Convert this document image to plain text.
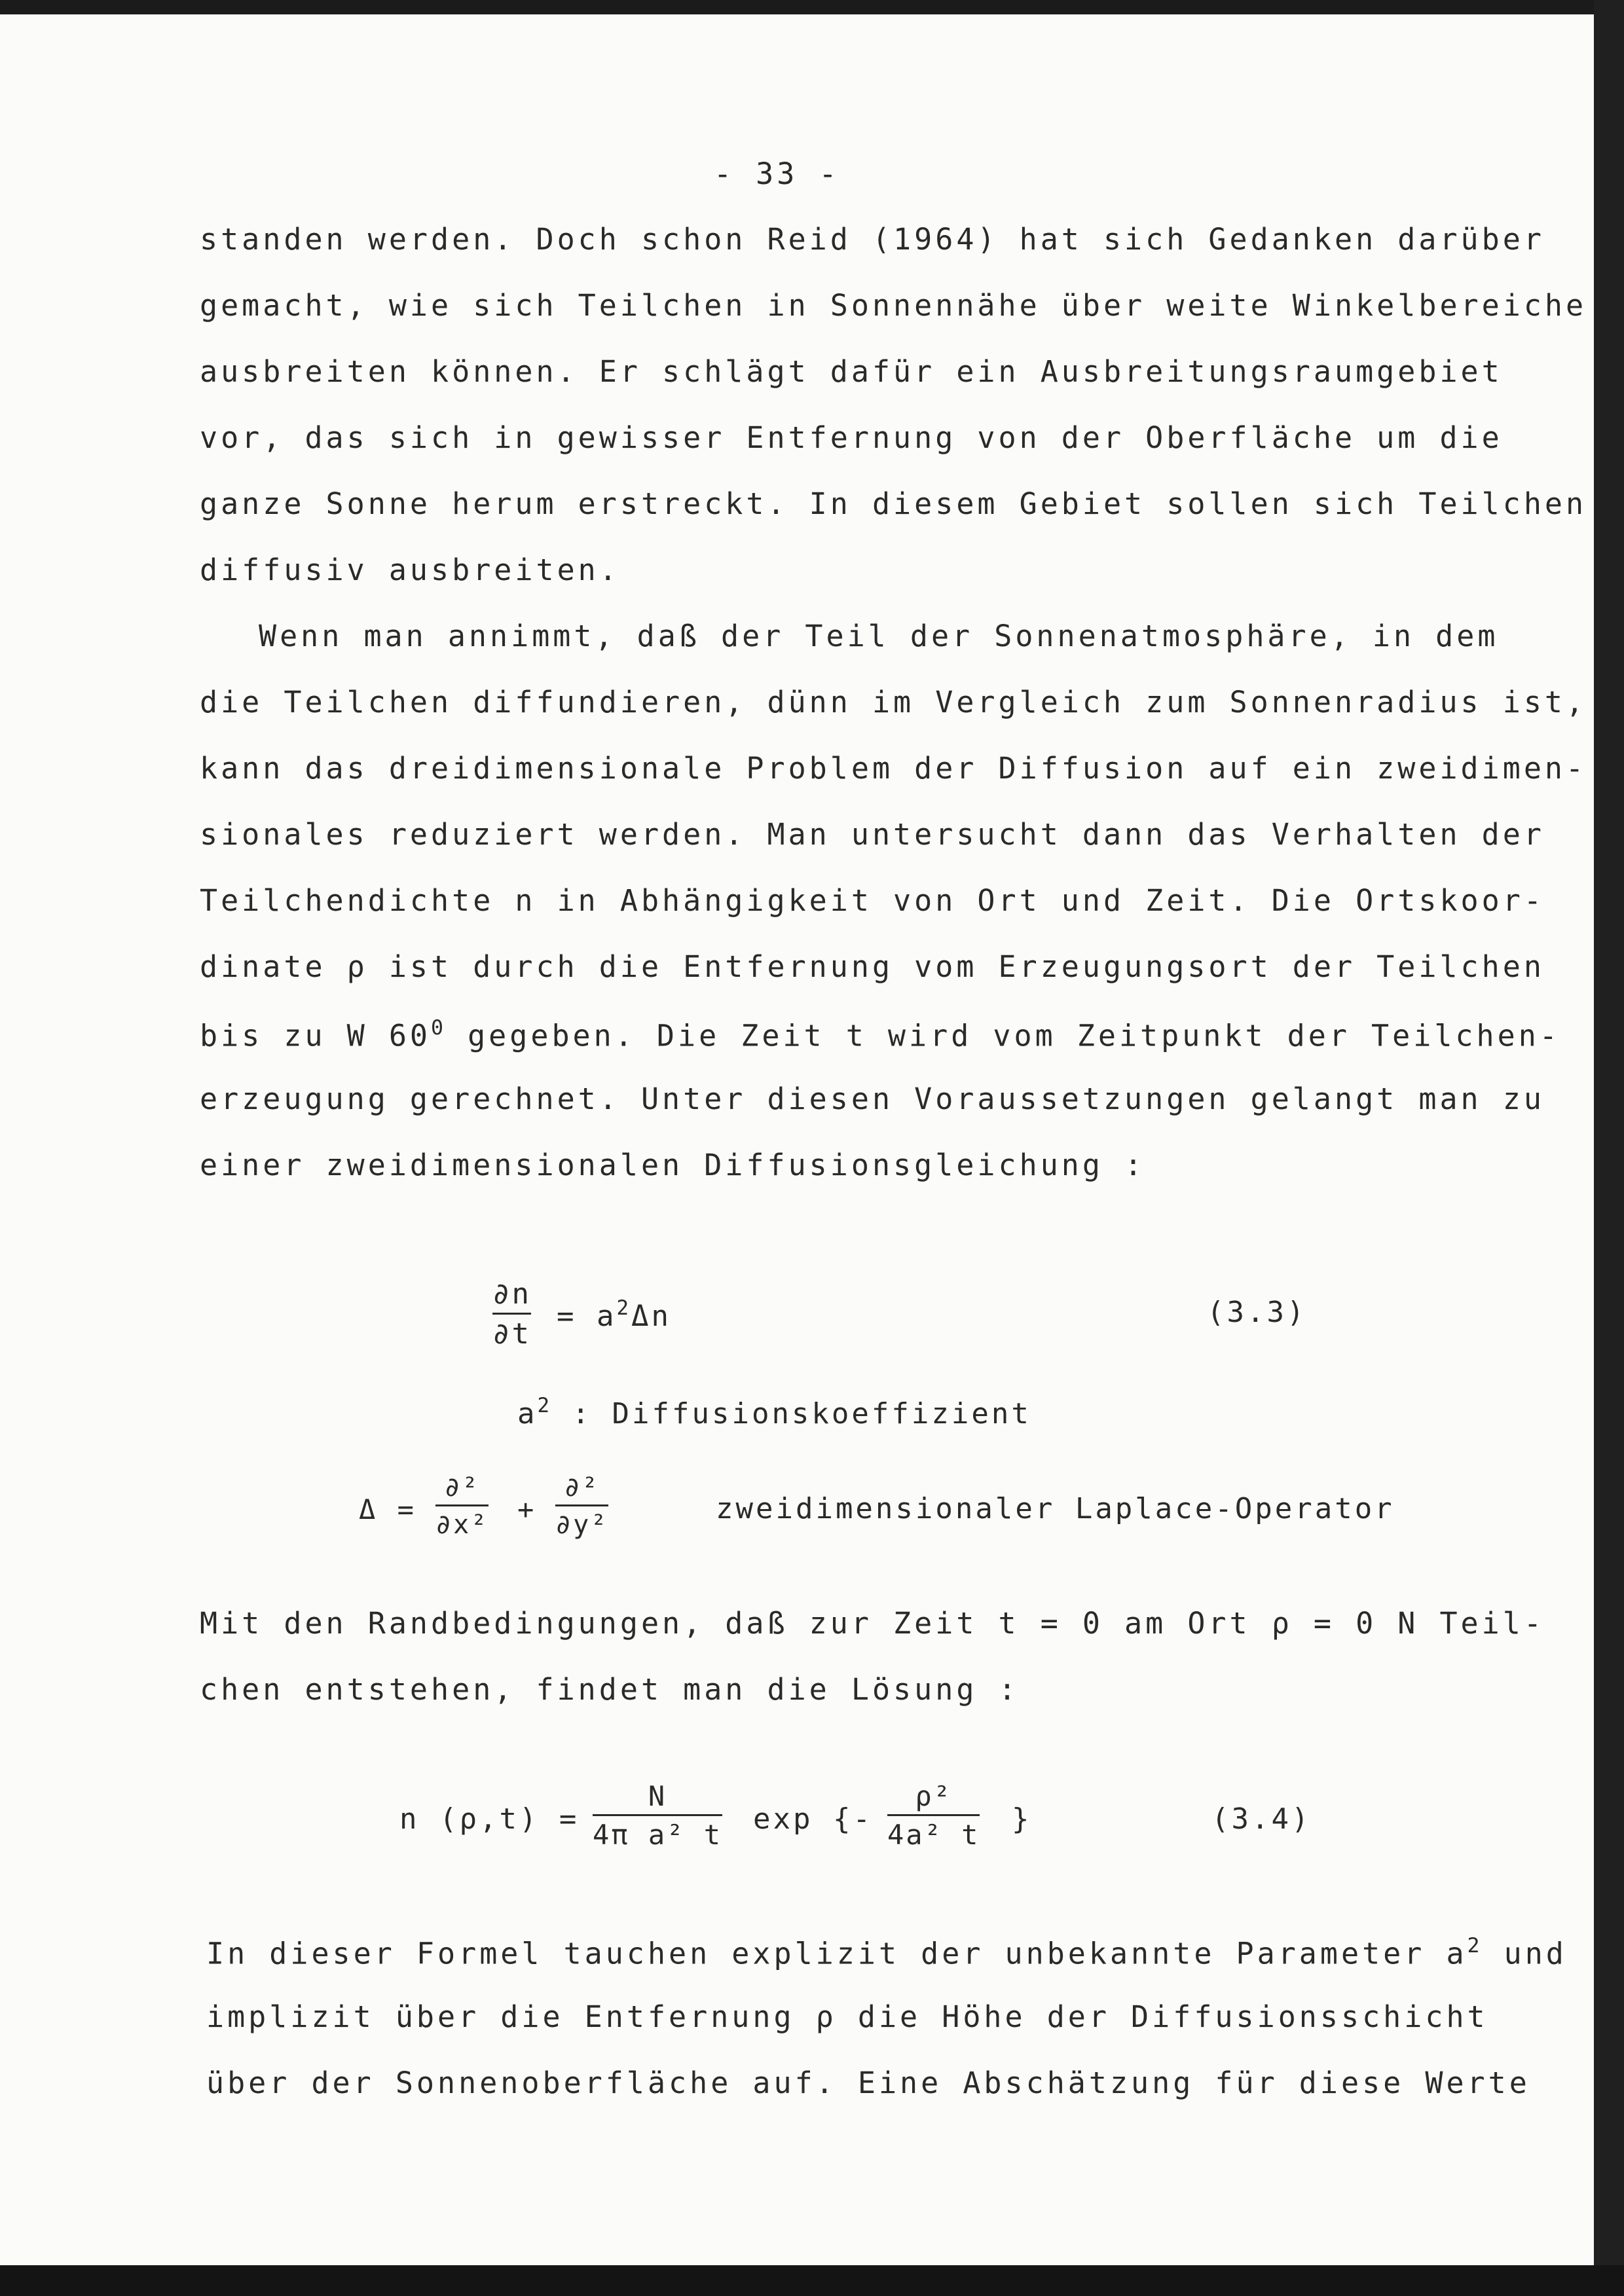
- 33 -
standen werden. Doch schon Reid (1964) hat sich Gedanken darüber
gemacht, wie sich Teilchen in Sonnennähe über weite Winkelbereiche
ausbreiten können. Er schlägt dafür ein Ausbreitungsraumgebiet
vor, das sich in gewisser Entfernung von der Oberfläche um die
ganze Sonne herum erstreckt. In diesem Gebiet sollen sich Teilchen
diffusiv ausbreiten.
Wenn man annimmt, daß der Teil der Sonnenatmosphäre, in dem
die Teilchen diffundieren, dünn im Vergleich zum Sonnenradius ist,
kann das dreidimensionale Problem der Diffusion auf ein zweidimen-
sionales reduziert werden. Man untersucht dann das Verhalten der
Teilchendichte n in Abhängigkeit von Ort und Zeit. Die Ortskoor-
dinate ρ ist durch die Entfernung vom Erzeugungsort der Teilchen
bis zu W $60^0$ gegeben. Die Zeit t wird vom Zeitpunkt der Teilchen-
erzeugung gerechnet. Unter diesen Voraussetzungen gelangt man zu
einer zweidimensionalen Diffusionsgleichung :
∂n
∂t
= $a^2\Delta n$	(3.3)
$a^2$ : Diffusionskoeffizient
Δ =
∂²
∂x² +
∂²
∂y²	zweidimensionaler Laplace-Operator
Mit den Randbedingungen, daß zur Zeit t = 0 am Ort ρ = 0 N Teil-
chen entstehen, findet man die Lösung :
n (ρ,t) =
N
4π a² t exp {-
ρ²
4a² t }	(3.4)
In dieser Formel tauchen explizit der unbekannte Parameter $a^2$ und
implizit über die Entfernung ρ die Höhe der Diffusionsschicht
über der Sonnenoberfläche auf. Eine Abschätzung für diese Werte
